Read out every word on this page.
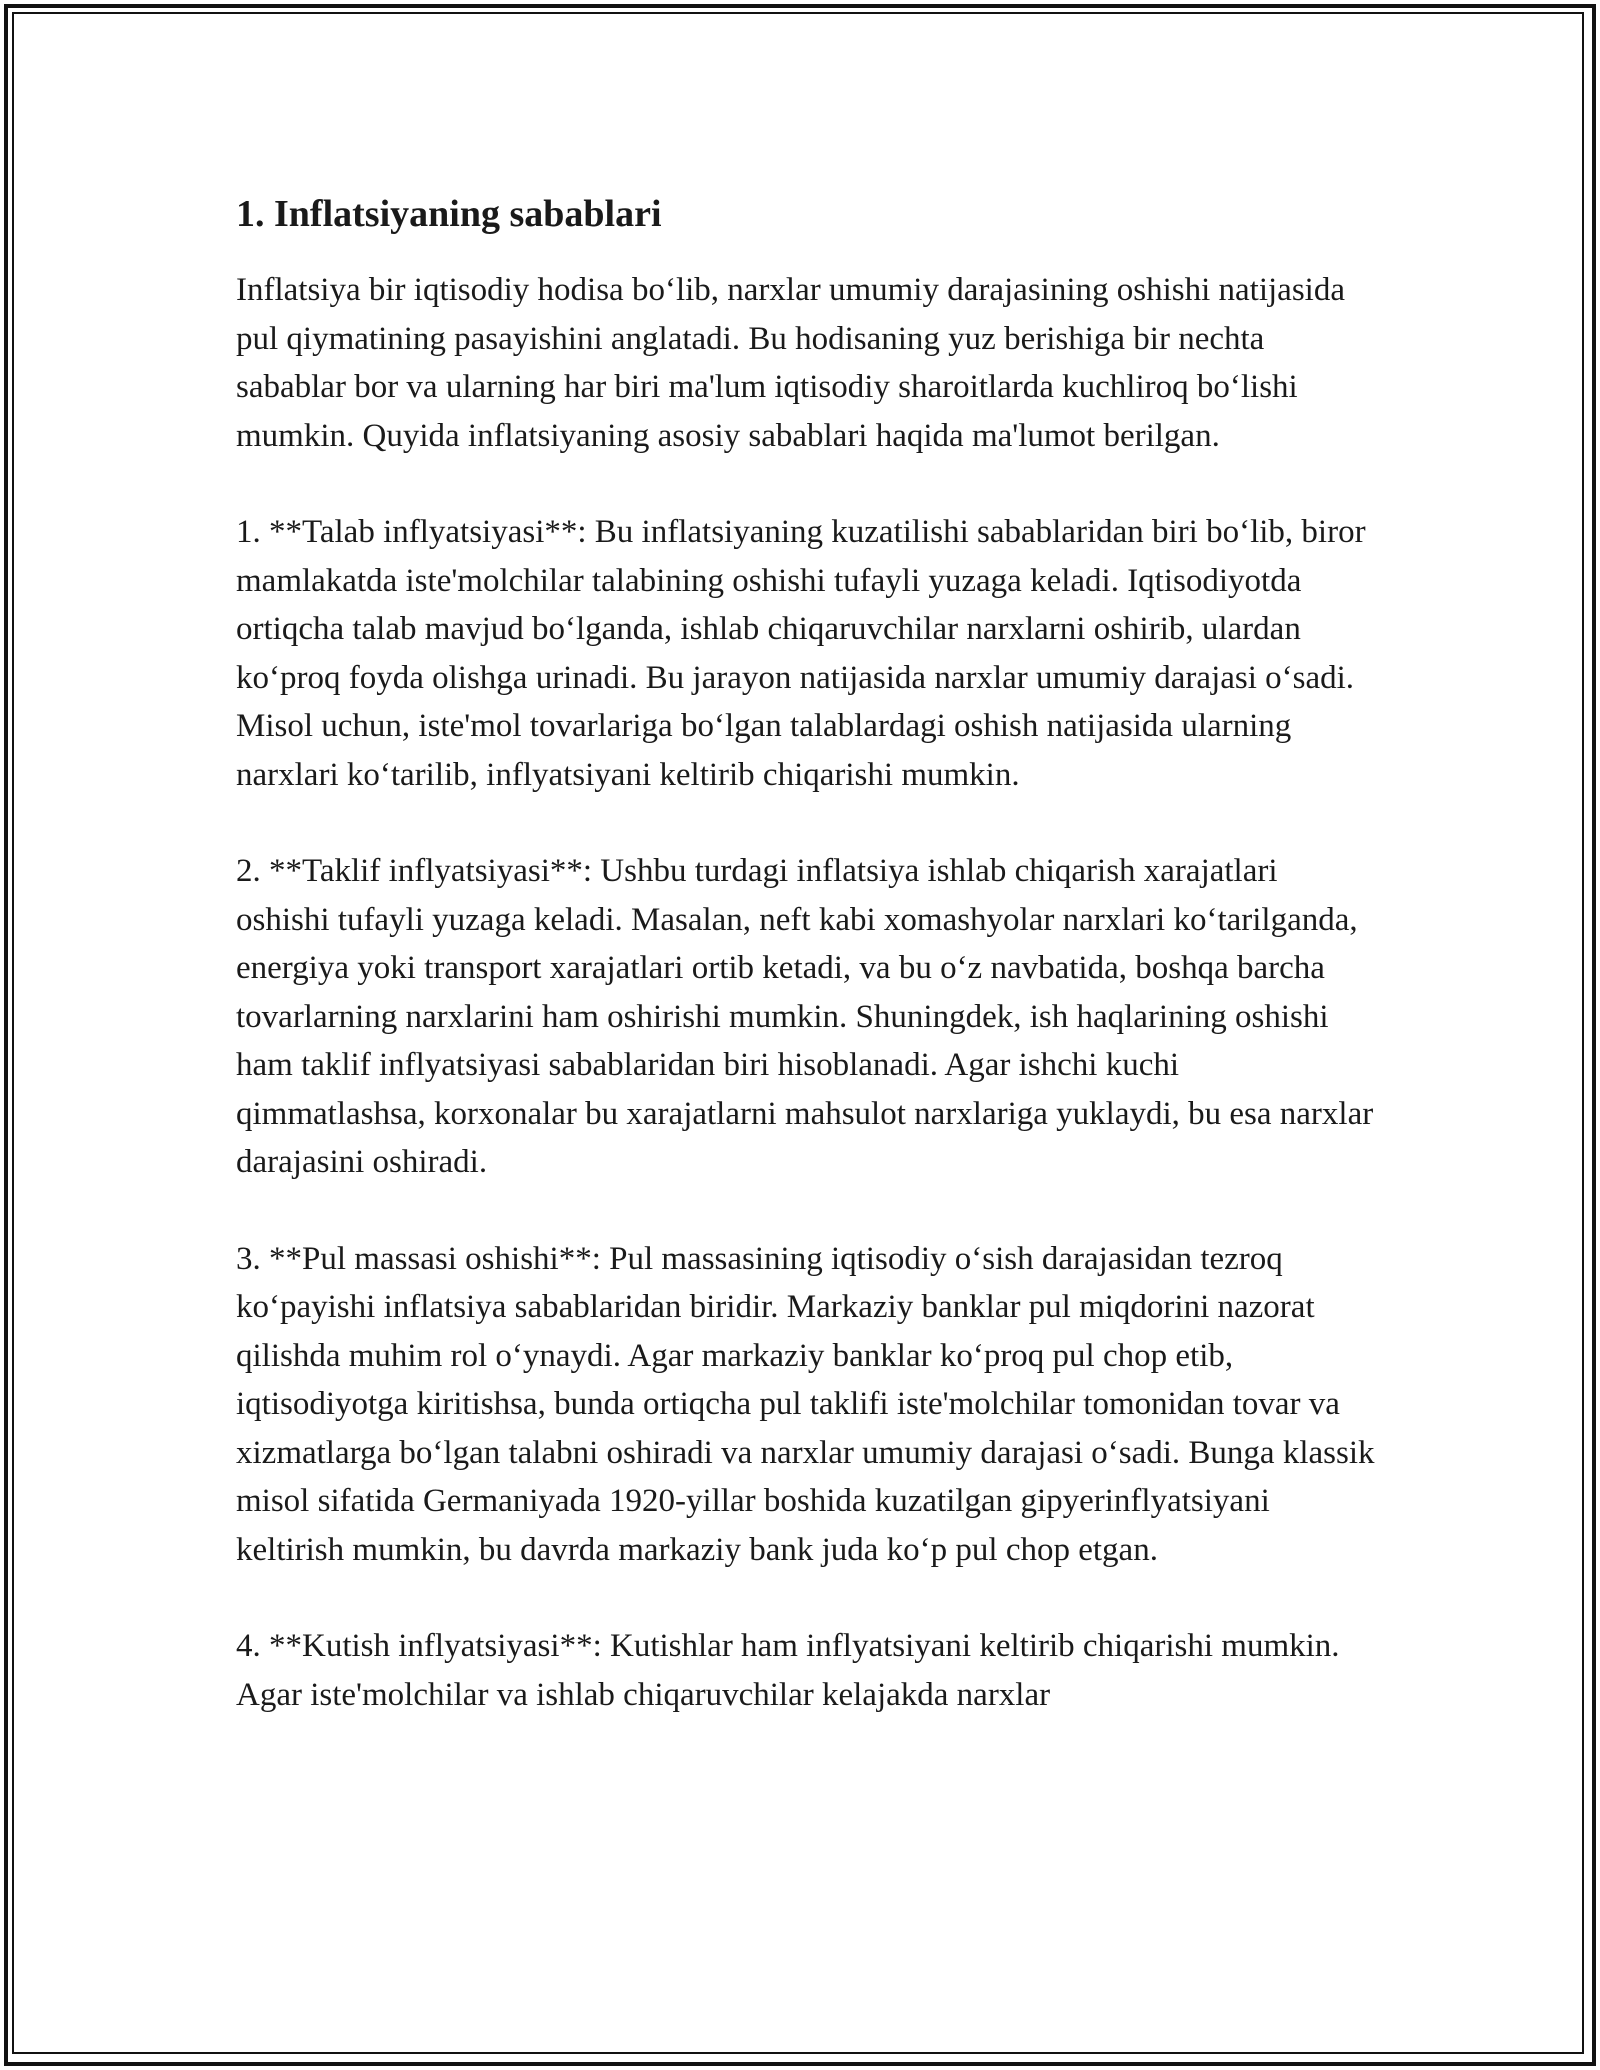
1. Inflatsiyaning sabablari

Inflatsiya bir iqtisodiy hodisa bo‘lib, narxlar umumiy darajasining oshishi natijasida pul qiymatining pasayishini anglatadi. Bu hodisaning yuz berishiga bir nechta sabablar bor va ularning har biri ma'lum iqtisodiy sharoitlarda kuchliroq bo‘lishi mumkin. Quyida inflatsiyaning asosiy sabablari haqida ma'lumot berilgan.

1. **Talab inflyatsiyasi**: Bu inflatsiyaning kuzatilishi sabablaridan biri bo‘lib, biror mamlakatda iste'molchilar talabining oshishi tufayli yuzaga keladi. Iqtisodiyotda ortiqcha talab mavjud bo‘lganda, ishlab chiqaruvchilar narxlarni oshirib, ulardan ko‘proq foyda olishga urinadi. Bu jarayon natijasida narxlar umumiy darajasi o‘sadi. Misol uchun, iste'mol tovarlariga bo‘lgan talablardagi oshish natijasida ularning narxlari ko‘tarilib, inflyatsiyani keltirib chiqarishi mumkin.

2. **Taklif inflyatsiyasi**: Ushbu turdagi inflatsiya ishlab chiqarish xarajatlari oshishi tufayli yuzaga keladi. Masalan, neft kabi xomashyolar narxlari ko‘tarilganda, energiya yoki transport xarajatlari ortib ketadi, va bu o‘z navbatida, boshqa barcha tovarlarning narxlarini ham oshirishi mumkin. Shuningdek, ish haqlarining oshishi ham taklif inflyatsiyasi sabablaridan biri hisoblanadi. Agar ishchi kuchi qimmatlashsa, korxonalar bu xarajatlarni mahsulot narxlariga yuklaydi, bu esa narxlar darajasini oshiradi.

3. **Pul massasi oshishi**: Pul massasining iqtisodiy o‘sish darajasidan tezroq ko‘payishi inflatsiya sabablaridan biridir. Markaziy banklar pul miqdorini nazorat qilishda muhim rol o‘ynaydi. Agar markaziy banklar ko‘proq pul chop etib, iqtisodiyotga kiritishsa, bunda ortiqcha pul taklifi iste'molchilar tomonidan tovar va xizmatlarga bo‘lgan talabni oshiradi va narxlar umumiy darajasi o‘sadi. Bunga klassik misol sifatida Germaniyada 1920-yillar boshida kuzatilgan gipyerinflyatsiyani keltirish mumkin, bu davrda markaziy bank juda ko‘p pul chop etgan.

4. **Kutish inflyatsiyasi**: Kutishlar ham inflyatsiyani keltirib chiqarishi mumkin. Agar iste'molchilar va ishlab chiqaruvchilar kelajakda narxlar
